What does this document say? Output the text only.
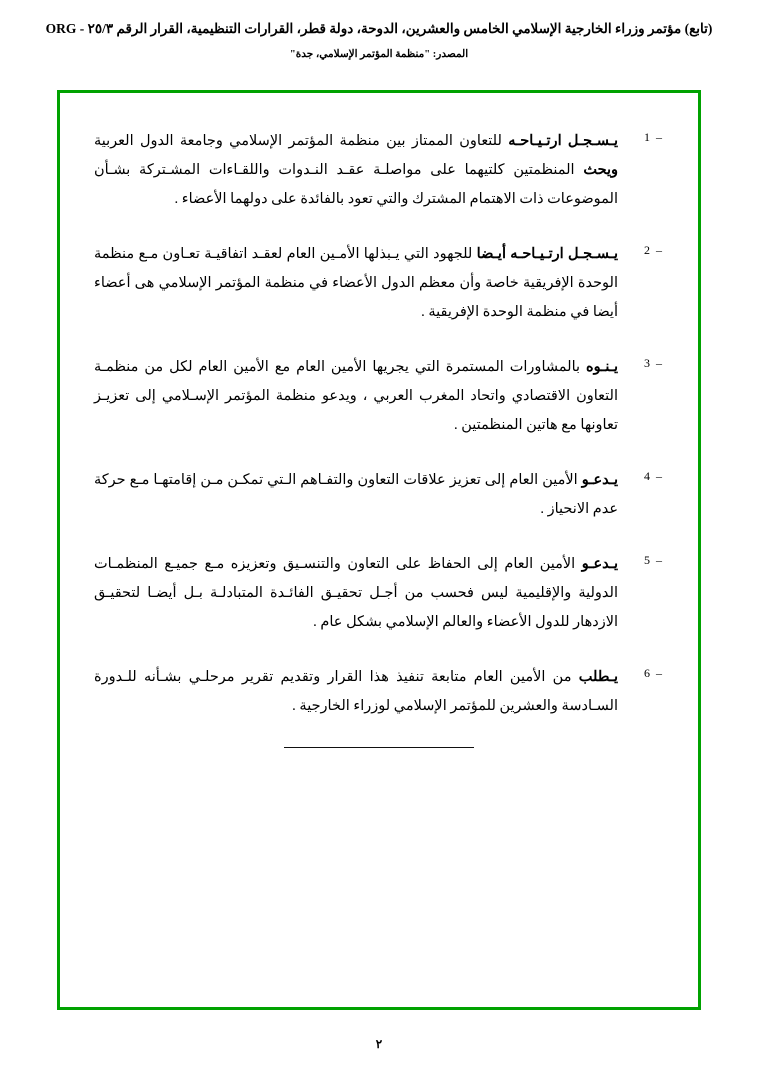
(تابع) مؤتمر وزراء الخارجية الإسلامي الخامس والعشرين، الدوحة، دولة قطر، القرارات التنظيمية، القرار الرقم ٢٥/٣ ‑ ORG
المصدر: "منظمة المؤتمر الإسلامي، جدة"
–
1
يـسـجـل ارتـيـاحـه للتعاون الممتاز بين منظمة المؤتمر الإسلامي وجامعة الدول العربية ويحث المنظمتين كلتيهما على مواصلـة عقـد النـدوات واللقـاءات المشـتركة بشـأن الموضوعات ذات الاهتمام المشترك والتي تعود بالفائدة على دولهما الأعضاء .
–
2
يـسـجـل ارتـيـاحـه أيـضا للجهود التي يـبذلها الأمـين العام لعقـد اتفاقيـة تعـاون مـع منظمة الوحدة الإفريقية خاصة وأن معظم الدول الأعضاء في منظمة المؤتمر الإسلامي هى أعضاء أيضا في منظمة الوحدة الإفريقية .
–
3
يـنـوه بالمشاورات المستمرة التي يجريها الأمين العام مع الأمين العام لكل من منظمـة التعاون الاقتصادي واتحاد المغرب العربي ، ويدعو منظمة المؤتمر الإسـلامي إلى تعزيـز تعاونها مع هاتين المنظمتين .
–
4
يـدعـو الأمين العام إلى تعزيز علاقات التعاون والتفـاهم الـتي تمكـن مـن إقامتهـا مـع حركة عدم الانحياز .
–
5
يـدعـو الأمين العام إلى الحفاظ على التعاون والتنسـيق وتعزيزه مـع جميـع المنظمـات الدولية والإقليمية ليس فحسب من أجـل تحقيـق الفائـدة المتبادلـة بـل أيضـا لتحقيـق الازدهار للدول الأعضاء والعالم الإسلامي بشكل عام .
–
6
يـطلب من الأمين العام متابعة تنفيذ هذا القرار وتقديم تقرير مرحلـي بشـأنه للـدورة السـادسة والعشرين للمؤتمر الإسلامي لوزراء الخارجية .
٢
